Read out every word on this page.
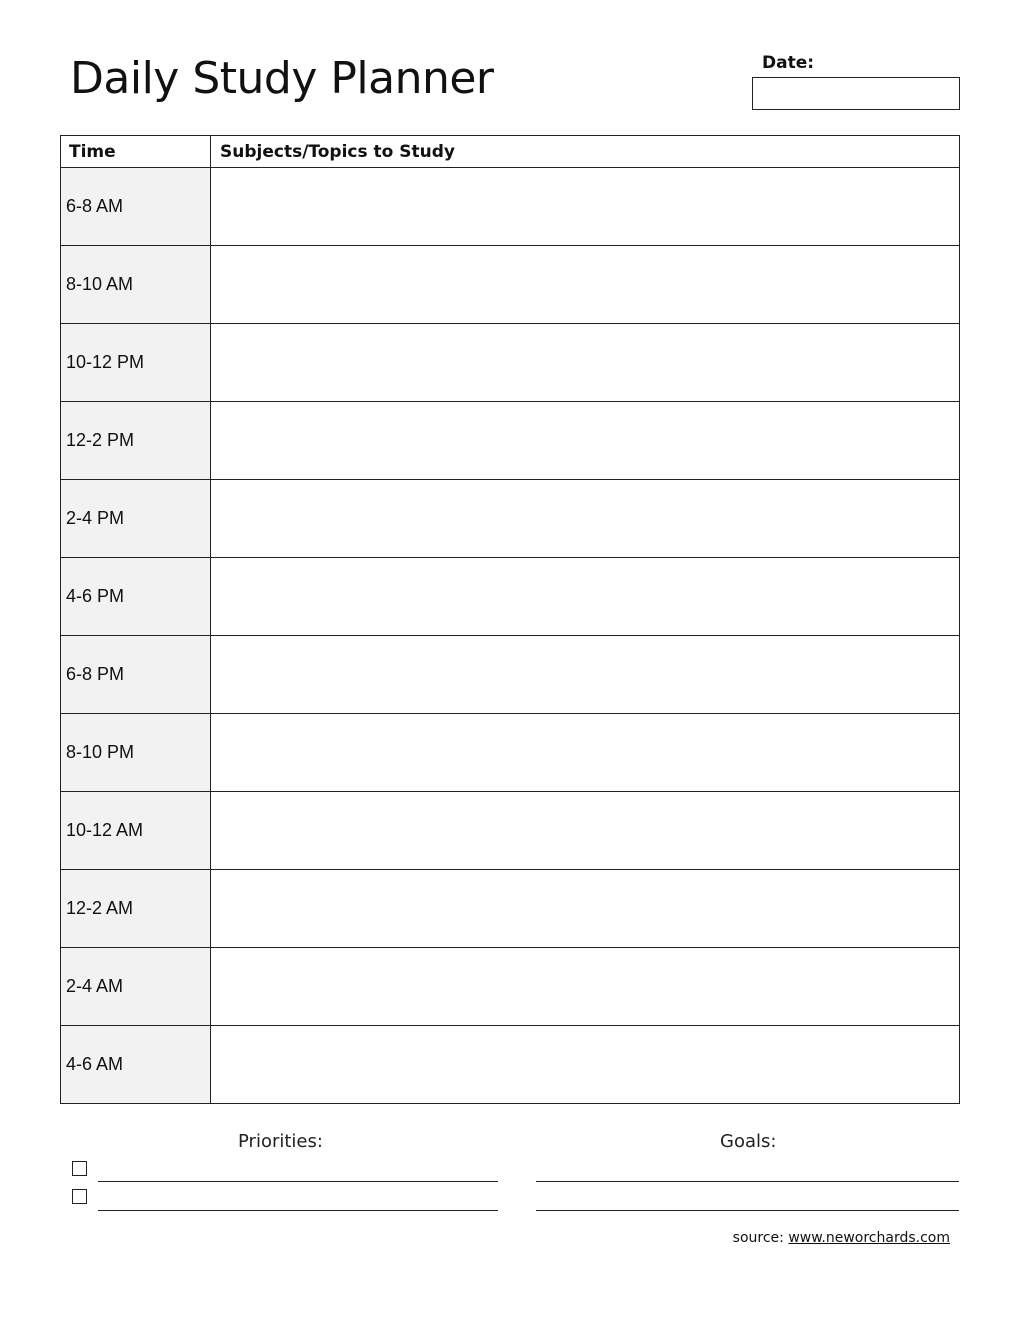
Daily Study Planner	Date:
Time	Subjects/Topics to Study
6-8 AM	
8-10 AM	
10-12 PM	
12-2 PM	
2-4 PM	
4-6 PM	
6-8 PM	
8-10 PM	
10-12 AM	
12-2 AM	
2-4 AM	
4-6 AM	
Priorities:	Goals:
source: www.neworchards.com
